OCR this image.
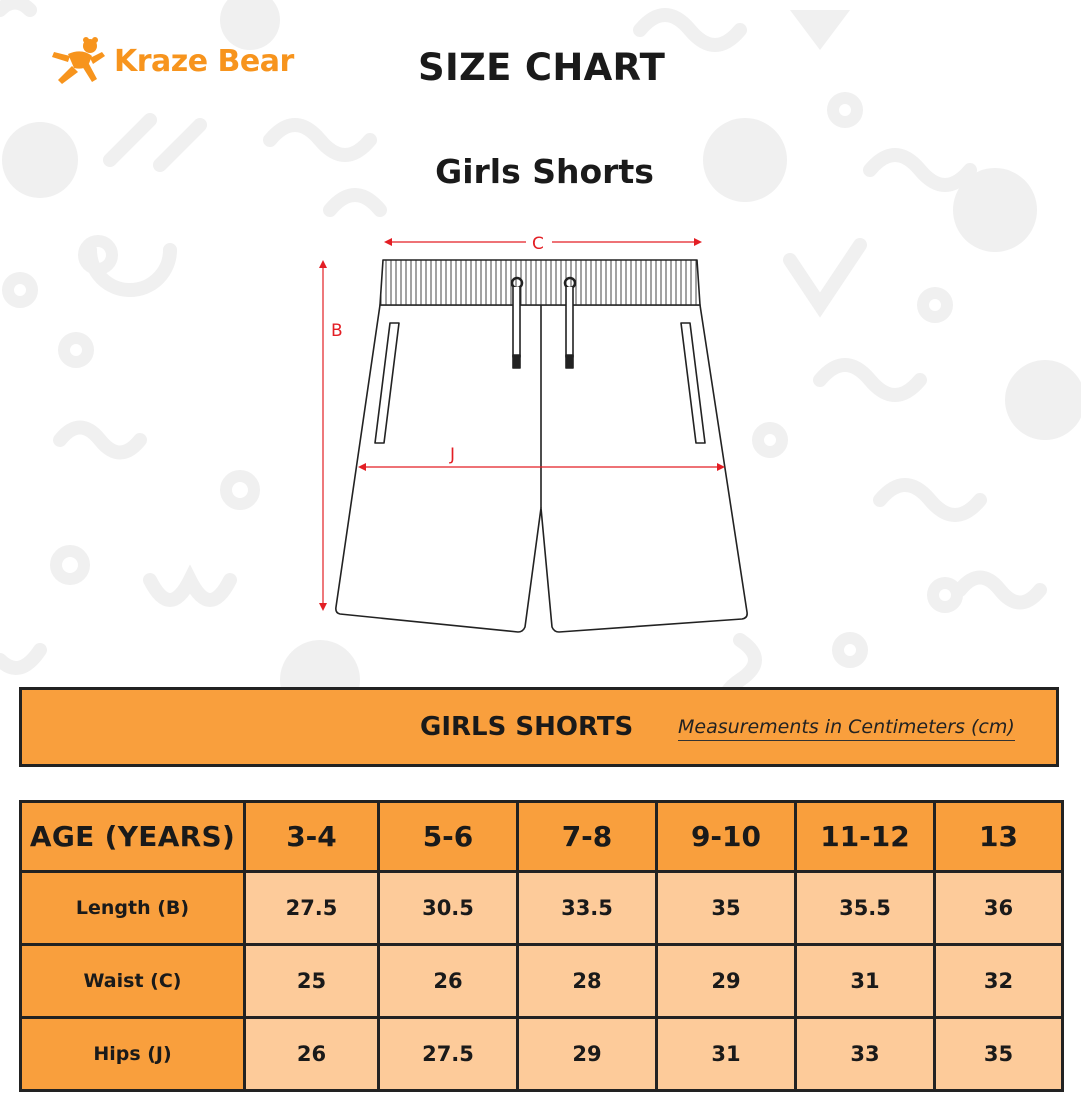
Kraze Bear	SIZE CHART
Girls Shorts
C
B
J
GIRLS SHORTS Measurements in Centimeters (cm)
AGE (YEARS)	3-4	5-6	7-8	9-10	11-12	13
Length (B)	27.5	30.5	33.5	35	35.5	36
Waist (C)	25	26	28	29	31	32
Hips (J)	26	27.5	29	31	33	35
